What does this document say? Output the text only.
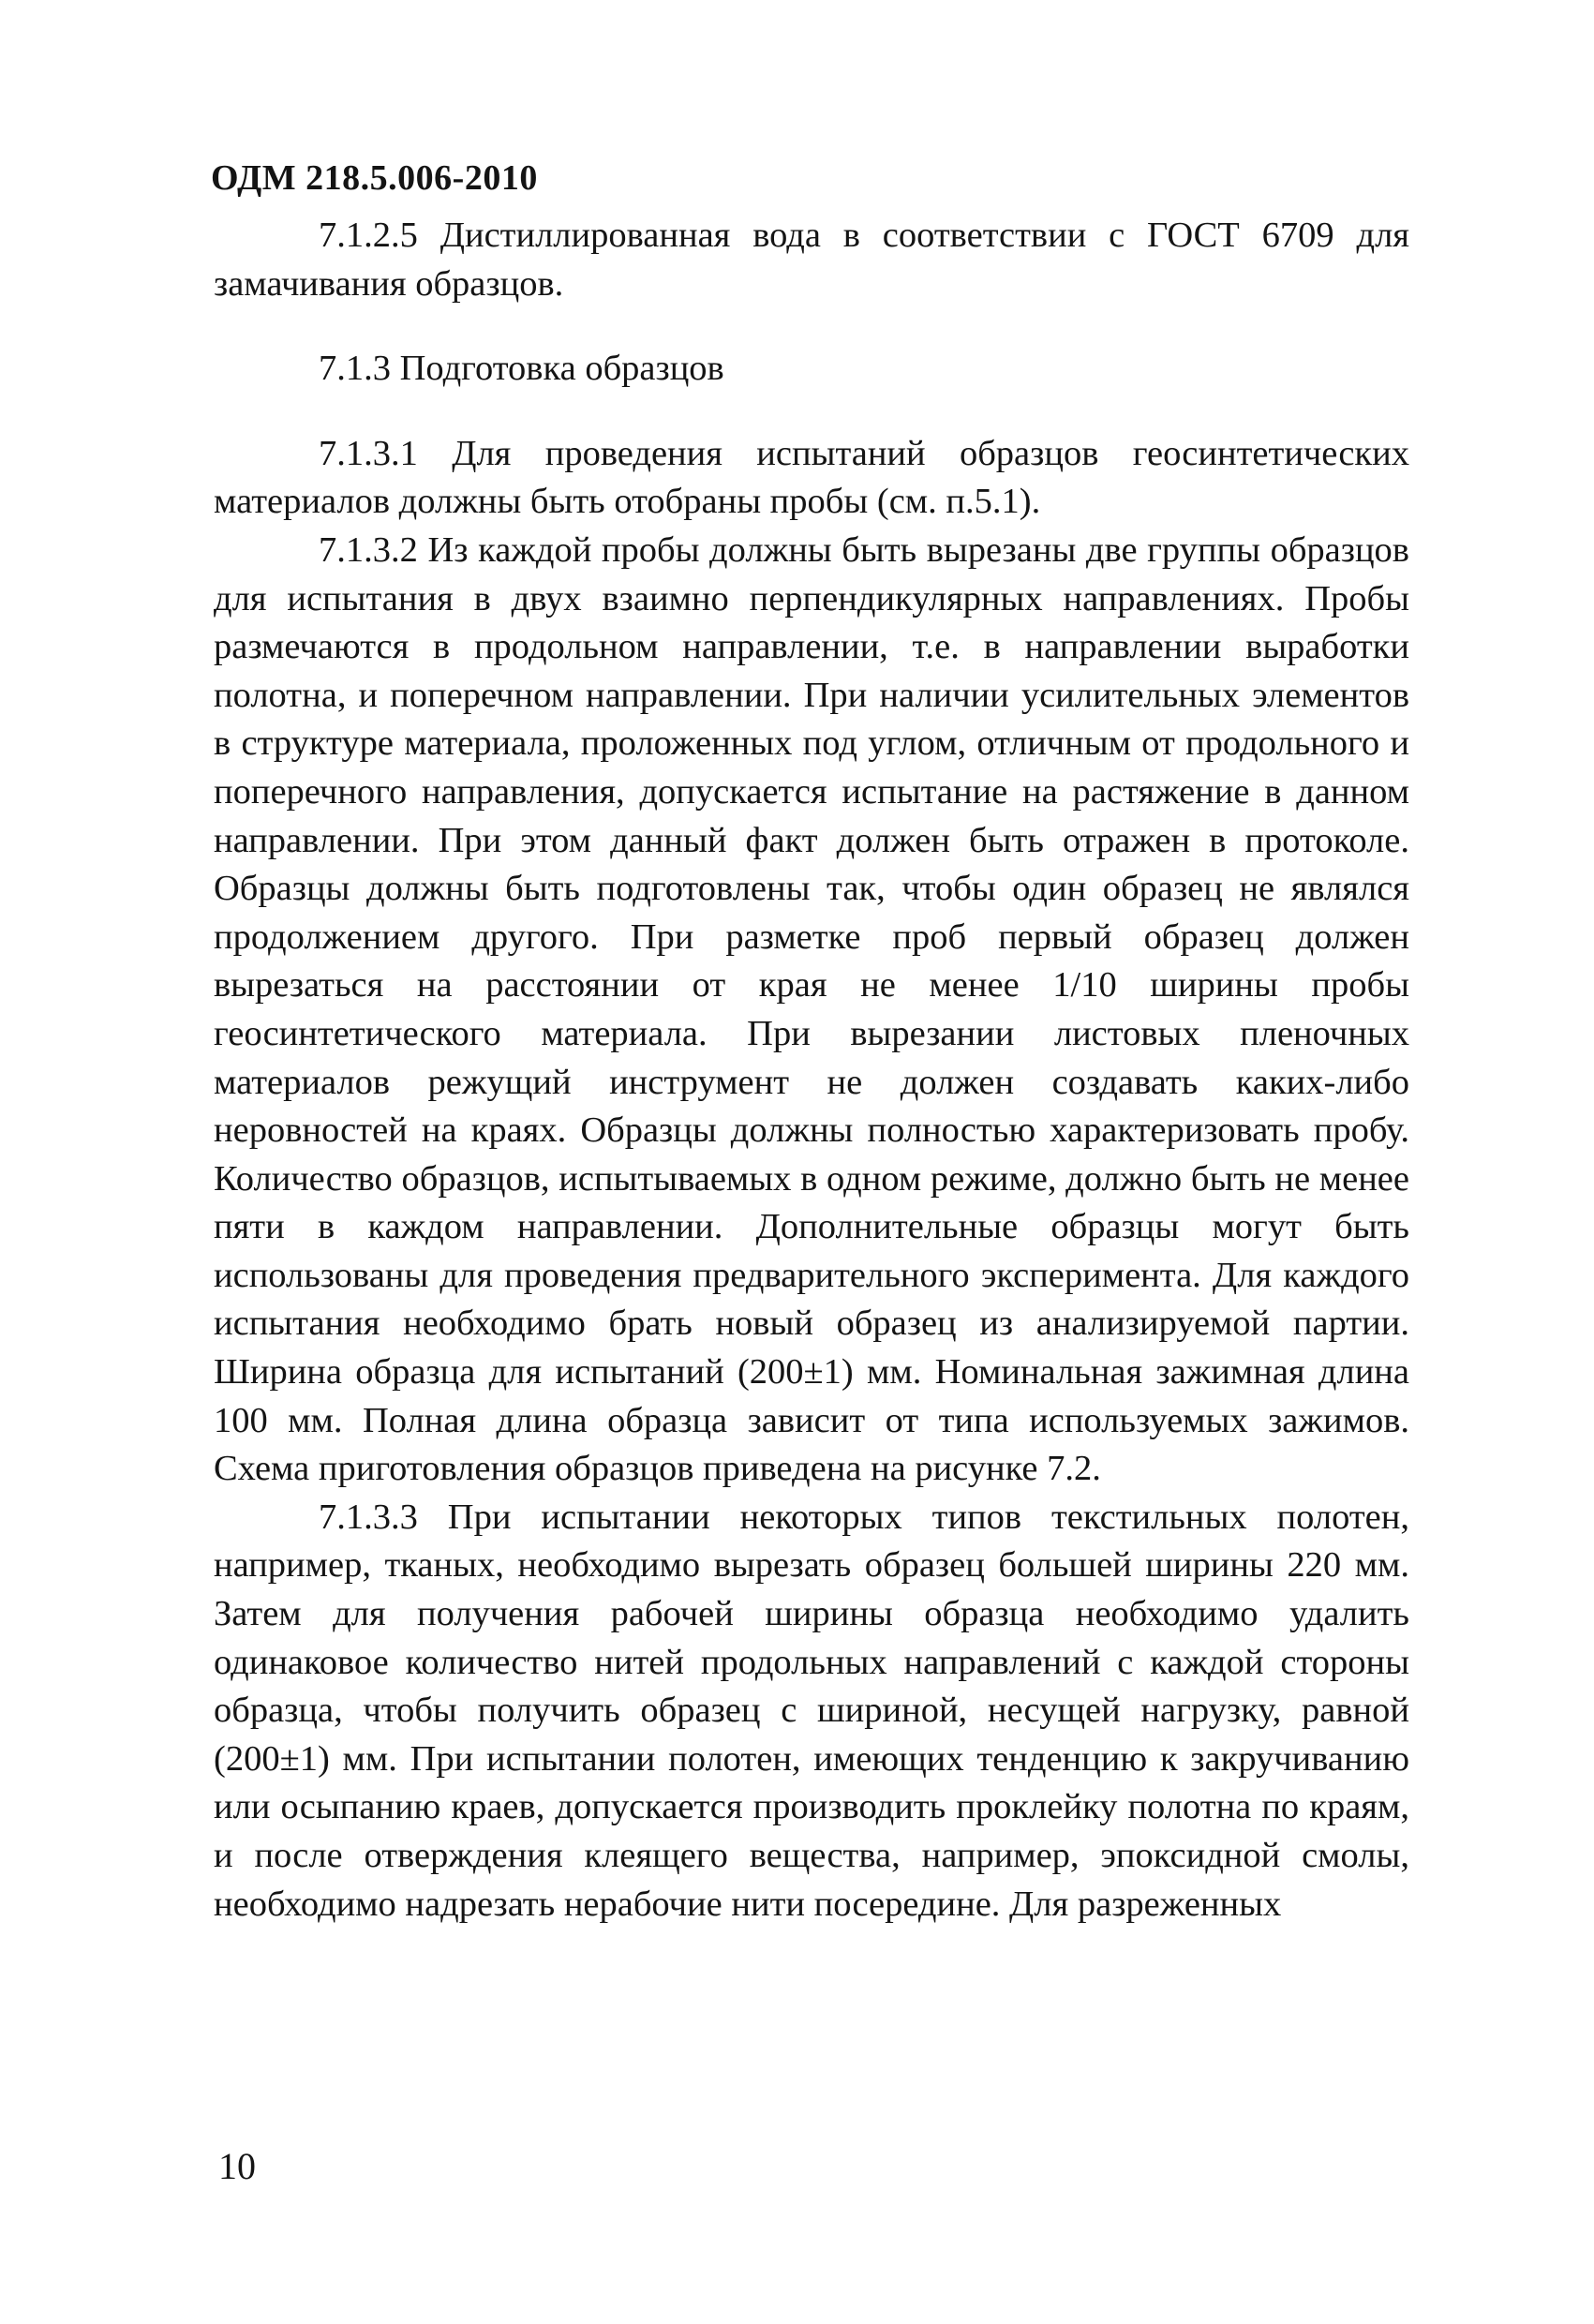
ОДМ 218.5.006-2010

7.1.2.5 Дистиллированная вода в соответствии с ГОСТ 6709 для замачивания образцов.

7.1.3 Подготовка образцов

7.1.3.1 Для проведения испытаний образцов геосинтетических материалов должны быть отобраны пробы (см. п.5.1).

7.1.3.2 Из каждой пробы должны быть вырезаны две группы образцов для испытания в двух взаимно перпендикулярных направлениях. Пробы размечаются в продольном направлении, т.е. в направлении выработки полотна, и поперечном направлении. При наличии усилительных элементов в структуре материала, проложенных под углом, отличным от продольного и поперечного направления, допускается испытание на растяжение в данном направлении. При этом данный факт должен быть отражен в протоколе. Образцы должны быть подготовлены так, чтобы один образец не являлся продолжением другого. При разметке проб первый образец должен вырезаться на расстоянии от края не менее 1/10 ширины пробы геосинтетического материала. При вырезании листовых пленочных материалов режущий инструмент не должен создавать каких-либо неровностей на краях. Образцы должны полностью характеризовать пробу. Количество образцов, испытываемых в одном режиме, должно быть не менее пяти в каждом направлении. Дополнительные образцы могут быть использованы для проведения предварительного эксперимента. Для каждого испытания необходимо брать новый образец из анализируемой партии. Ширина образца для испытаний (200±1) мм. Номинальная зажимная длина 100 мм. Полная длина образца зависит от типа используемых зажимов. Схема приготовления образцов приведена на рисунке 7.2.

7.1.3.3 При испытании некоторых типов текстильных полотен, например, тканых, необходимо вырезать образец большей ширины 220 мм. Затем для получения рабочей ширины образца необходимо удалить одинаковое количество нитей продольных направлений с каждой стороны образца, чтобы получить образец с шириной, несущей нагрузку, равной (200±1) мм. При испытании полотен, имеющих тенденцию к закручиванию или осыпанию краев, допускается производить проклейку полотна по краям, и после отверждения клеящего вещества, например, эпоксидной смолы, необходимо надрезать нерабочие нити посередине. Для разреженных

10
